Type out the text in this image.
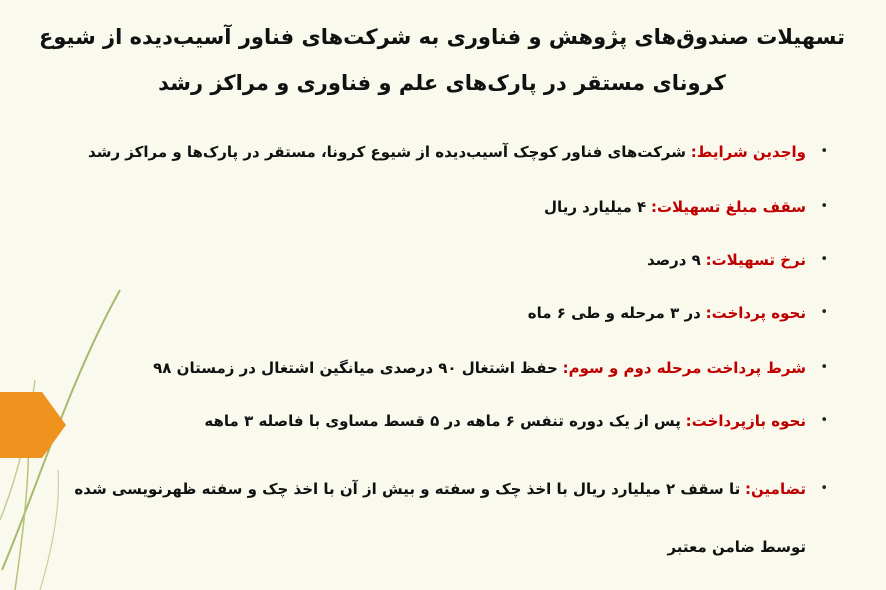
تسهیلات صندوق‌های پژوهش و فناوری به شرکت‌های فناور آسیب‌دیده از شیوع کرونای مستقر در پارک‌های علم و فناوری و مراکز رشد
• واجدین شرایط: شرکت‌های فناور کوچک آسیب‌دیده از شیوع کرونا، مستقر در پارک‌ها و مراکز رشد
• سقف مبلغ تسهیلات: ۴ میلیارد ریال
• نرخ تسهیلات: ۹ درصد
• نحوه پرداخت: در ۳ مرحله و طی ۶ ماه
• شرط پرداخت مرحله دوم و سوم: حفظ اشتغال ۹۰ درصدی میانگین اشتغال در زمستان ۹۸
• نحوه بازپرداخت: پس از یک دوره تنفس ۶ ماهه در ۵ قسط مساوی با فاصله ۳ ماهه
• تضامین: تا سقف ۲ میلیارد ریال با اخذ چک و سفته و بیش از آن با اخذ چک و سفته ظهرنویسی شده توسط ضامن معتبر
